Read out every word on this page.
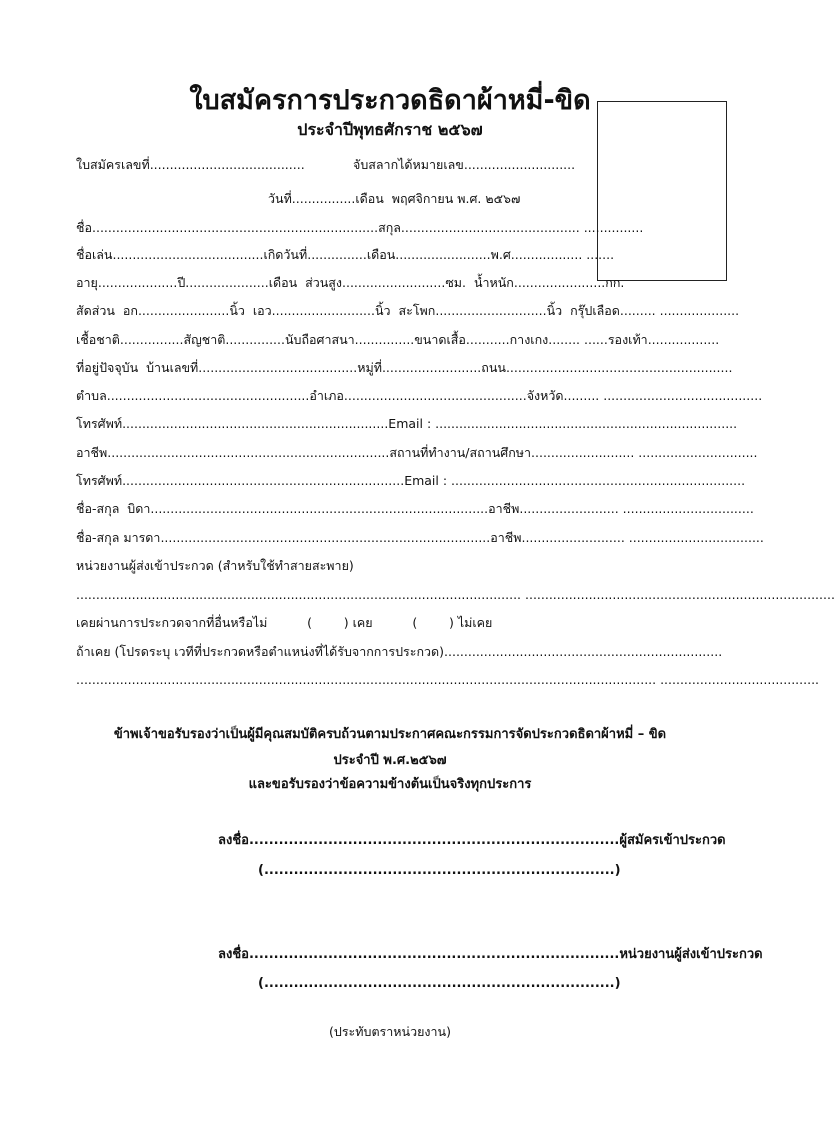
ใบสมัครการประกวดธิดาผ้าหมี่-ขิด
ประจำปีพุทธศักราช ๒๕๖๗
ใบสมัครเลขที่.......................................	จับสลากได้หมายเลข............................
วันที่................เดือน  พฤศจิกายน พ.ศ. ๒๕๖๗
ชื่อ........................................................................สกุล............................................. ...............
ชื่อเล่น......................................เกิดวันที่...............เดือน........................พ.ศ.................. .......
อายุ....................ปี.....................เดือน  ส่วนสูง..........................ซม.  น้ำหนัก.......................กก.
สัดส่วน  อก.......................นิ้ว  เอว..........................นิ้ว  สะโพก............................นิ้ว  กรุ๊ปเลือด......... ....................
เชื้อชาติ................สัญชาติ...............นับถือศาสนา...............ขนาดเสื้อ...........กางเกง........ ......รองเท้า..................
ที่อยู่ปัจจุบัน  บ้านเลขที่........................................หมู่ที่.........................ถนน.........................................................
ตำบล...................................................อำเภอ..............................................จังหวัด......... ........................................
โทรศัพท์...................................................................Email : ............................................................................
อาชีพ.......................................................................สถานที่ทำงาน/สถานศึกษา.......................... ..............................
โทรศัพท์.......................................................................Email : ..........................................................................
ชื่อ-สกุล  บิดา.....................................................................................อาชีพ......................... .................................
ชื่อ-สกุล มารดา...................................................................................อาชีพ.......................... ..................................
หน่วยงานผู้ส่งเข้าประกวด (สำหรับใช้ทำสายสะพาย)
................................................................................................................ ..............................................................................
เคยผ่านการประกวดจากที่อื่นหรือไม่          (        ) เคย          (        ) ไม่เคย
ถ้าเคย (โปรดระบุ เวทีที่ประกวดหรือตำแหน่งที่ได้รับจากการประกวด)......................................................................
.................................................................................................................................................. ........................................
ข้าพเจ้าขอรับรองว่าเป็นผู้มีคุณสมบัติครบถ้วนตามประกาศคณะกรรมการจัดประกวดธิดาผ้าหมี่ – ขิด
ประจำปี พ.ศ.๒๕๖๗
และขอรับรองว่าข้อความข้างต้นเป็นจริงทุกประการ
ลงชื่อ...........................................................................ผู้สมัครเข้าประกวด
(.......................................................................)
ลงชื่อ...........................................................................หน่วยงานผู้ส่งเข้าประกวด
(.......................................................................)
(ประทับตราหน่วยงาน)
